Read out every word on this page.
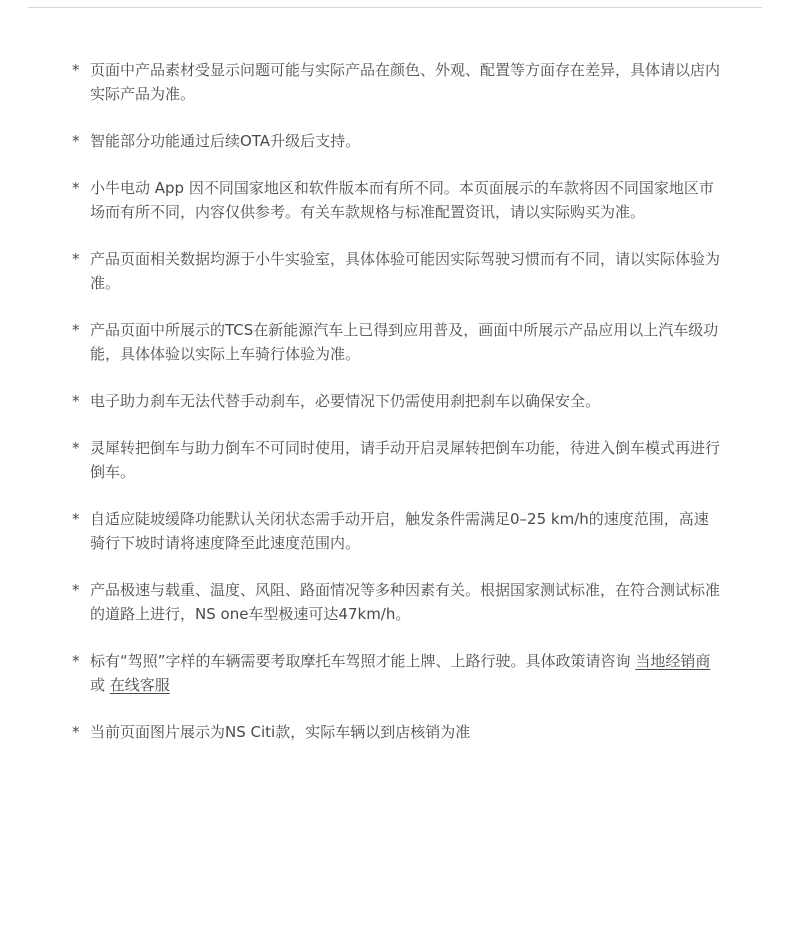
* 页面中产品素材受显示问题可能与实际产品在颜色、外观、配置等方面存在差异，具体请以店内实际产品为准。
* 智能部分功能通过后续OTA升级后支持。
* 小牛电动 App 因不同国家地区和软件版本而有所不同。本页面展示的车款将因不同国家地区市场而有所不同，内容仅供参考。有关车款规格与标准配置资讯，请以实际购买为准。
* 产品页面相关数据均源于小牛实验室，具体体验可能因实际驾驶习惯而有不同，请以实际体验为准。
* 产品页面中所展示的TCS在新能源汽车上已得到应用普及，画面中所展示产品应用以上汽车级功能，具体体验以实际上车骑行体验为准。
* 电子助力刹车无法代替手动刹车，必要情况下仍需使用刹把刹车以确保安全。
* 灵犀转把倒车与助力倒车不可同时使用，请手动开启灵犀转把倒车功能，待进入倒车模式再进行倒车。
* 自适应陡坡缓降功能默认关闭状态需手动开启，触发条件需满足0–25 km/h的速度范围，高速骑行下坡时请将速度降至此速度范围内。
* 产品极速与载重、温度、风阻、路面情况等多种因素有关。根据国家测试标准，在符合测试标准的道路上进行，NS one车型极速可达47km/h。
* 标有“驾照”字样的车辆需要考取摩托车驾照才能上牌、上路行驶。具体政策请咨询 当地经销商 或 在线客服
* 当前页面图片展示为NS Citi款，实际车辆以到店核销为准
